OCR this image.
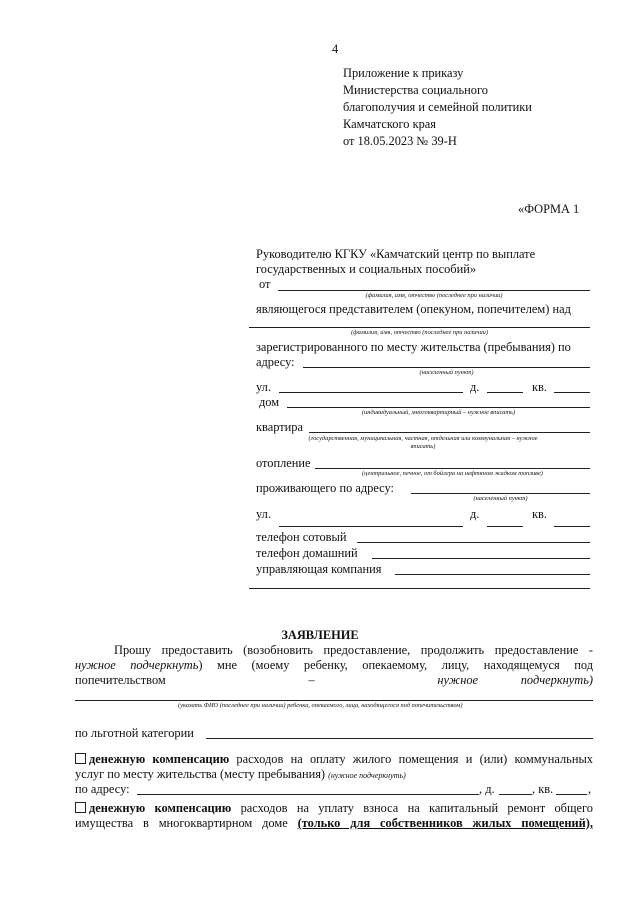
4
Приложение к приказу
Министерства социального
благополучия и семейной политики
Камчатского края
от 18.05.2023 № 39-Н
«ФОРМА 1
Руководителю КГКУ «Камчатский центр по выплате
государственных и социальных пособий»
от
(фамилия, имя, отчество (последнее при наличии)
являющегося представителем (опекуном, попечителем) над
(фамилия, имя, отчество (последнее при наличии)
зарегистрированного по месту жительства (пребывания) по
адресу:
(населенный пункт)
ул.	д.	кв.
дом
(индивидуальный, многоквартирный – нужное вписать)
квартира
(государственная, муниципальная, частная, отдельная или коммунальная – нужное
вписать)
отопление
(центральное, печное, от бойлера на нефтяном жидком топливе)
проживающего по адресу:
(населенный пункт)
ул.	д.	кв.
телефон сотовый
телефон домашний
управляющая компания
ЗАЯВЛЕНИЕ
Прошу предоставить (возобновить предоставление, продолжить предоставление -
нужное подчеркнуть) мне (моему ребенку, опекаемому, лицу, находящемуся под
попечительством	–	нужное	подчеркнуть)
(указать ФИО (последнее при наличии) ребенка, опекаемого, лица, находящегося под попечительством)
по льготной категории
денежную компенсацию расходов на оплату жилого помещения и (или) коммунальных
услуг по месту жительства (месту пребывания) (нужное подчеркнуть)
по адресу:	, д.	, кв.	,
денежную компенсацию расходов на уплату взноса на капитальный ремонт общего
имущества в многоквартирном доме (только для собственников жилых помещений),
